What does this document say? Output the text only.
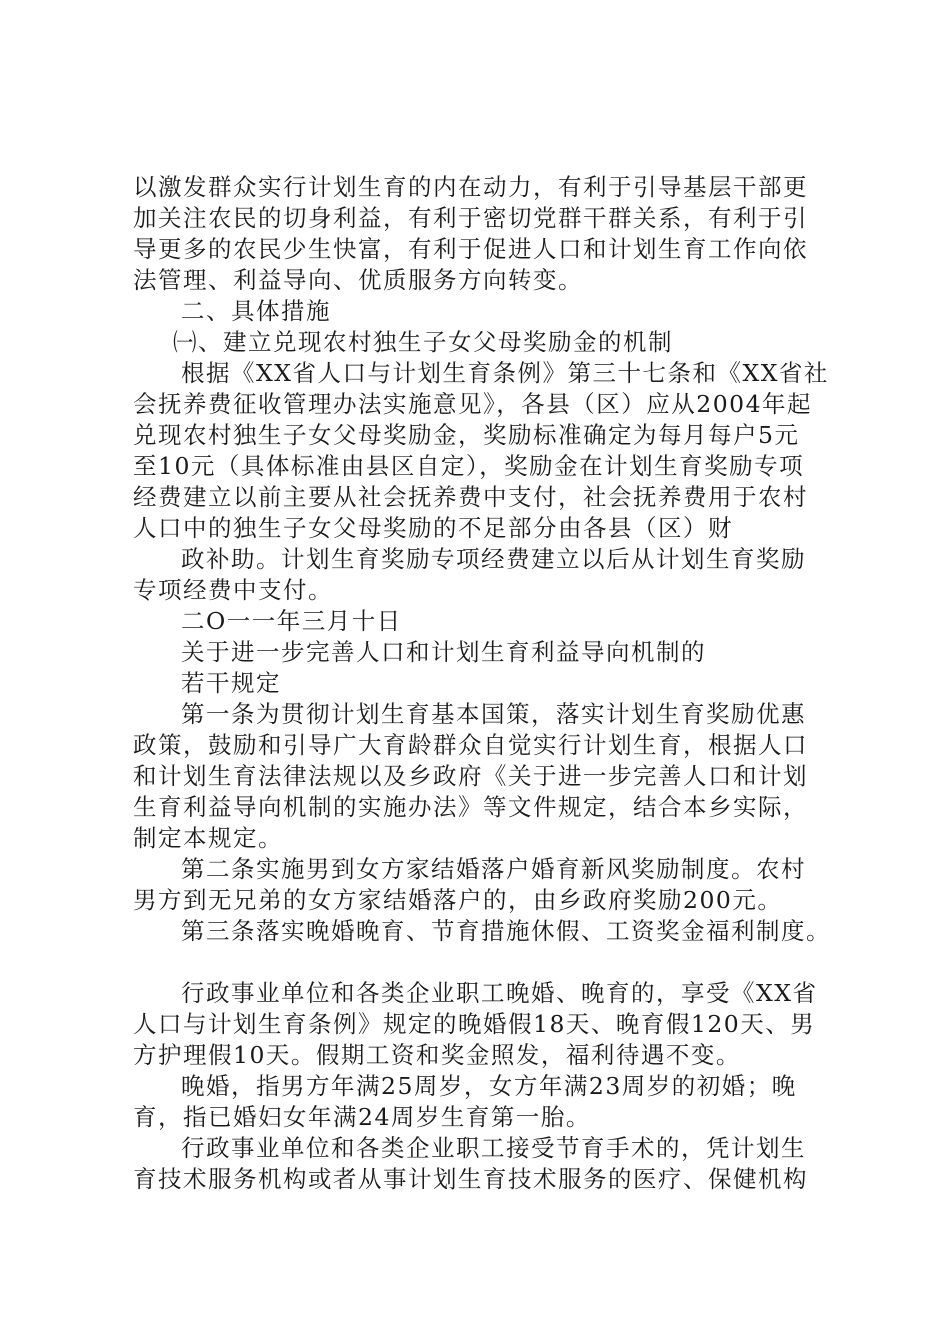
以激发群众实行计划生育的内在动力，有利于引导基层干部更
加关注农民的切身利益，有利于密切党群干群关系，有利于引
导更多的农民少生快富，有利于促进人口和计划生育工作向依
法管理、利益导向、优质服务方向转变。
二、具体措施
㈠、建立兑现农村独生子女父母奖励金的机制
根据《XX省人口与计划生育条例》第三十七条和《XX省社
会抚养费征收管理办法实施意见》，各县（区）应从2004年起
兑现农村独生子女父母奖励金，奖励标准确定为每月每户5元
至10元（具体标准由县区自定），奖励金在计划生育奖励专项
经费建立以前主要从社会抚养费中支付，社会抚养费用于农村
人口中的独生子女父母奖励的不足部分由各县（区）财
政补助。计划生育奖励专项经费建立以后从计划生育奖励
专项经费中支付。
二O一一年三月十日
关于进一步完善人口和计划生育利益导向机制的
若干规定
第一条为贯彻计划生育基本国策，落实计划生育奖励优惠
政策，鼓励和引导广大育龄群众自觉实行计划生育，根据人口
和计划生育法律法规以及乡政府《关于进一步完善人口和计划
生育利益导向机制的实施办法》等文件规定，结合本乡实际，
制定本规定。
第二条实施男到女方家结婚落户婚育新风奖励制度。农村
男方到无兄弟的女方家结婚落户的，由乡政府奖励200元。
第三条落实晚婚晚育、节育措施休假、工资奖金福利制度。
行政事业单位和各类企业职工晚婚、晚育的，享受《XX省
人口与计划生育条例》规定的晚婚假18天、晚育假120天、男
方护理假10天。假期工资和奖金照发，福利待遇不变。
晚婚，指男方年满25周岁，女方年满23周岁的初婚；晚
育，指已婚妇女年满24周岁生育第一胎。
行政事业单位和各类企业职工接受节育手术的，凭计划生
育技术服务机构或者从事计划生育技术服务的医疗、保健机构
